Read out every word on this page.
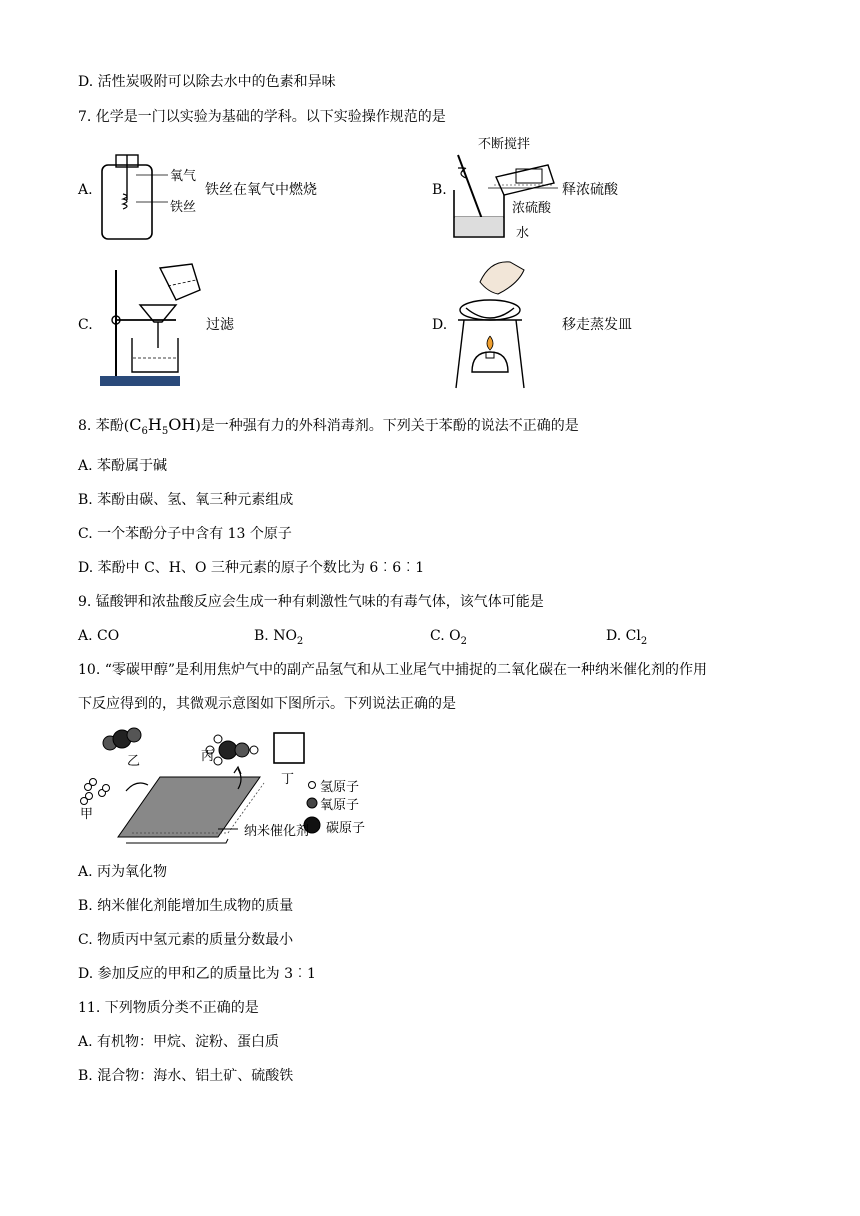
D. 活性炭吸附可以除去水中的色素和异味
7. 化学是一门以实验为基础的学科。以下实验操作规范的是
A.
氧气
铁丝
铁丝在氧气中燃烧	B.
不断搅拌
浓硫酸
水
释浓硫酸
C.	过滤	D.	移走蒸发皿
8. 苯酚$(C_6H_5OH)$是一种强有力的外科消毒剂。下列关于苯酚的说法不正确的是
A. 苯酚属于碱
B. 苯酚由碳、氢、氧三种元素组成
C. 一个苯酚分子中含有 13 个原子
D. 苯酚中 C、H、O 三种元素的原子个数比为 6︰6︰1
9. 锰酸钾和浓盐酸反应会生成一种有刺激性气味的有毒气体，该气体可能是
A. CO	B. $NO_2$	C. $O_2$	D. $Cl_2$
10. “零碳甲醇”是利用焦炉气中的副产品氢气和从工业尾气中捕捉的二氧化碳在一种纳米催化剂的作用
下反应得到的，其微观示意图如下图所示。下列说法正确的是
乙	丙
丁
甲
纳米催化剂
氢原子
氧原子
碳原子
A. 丙为氧化物
B. 纳米催化剂能增加生成物的质量
C. 物质丙中氢元素的质量分数最小
D. 参加反应的甲和乙的质量比为 3︰1
11. 下列物质分类不正确的是
A. 有机物：甲烷、淀粉、蛋白质
B. 混合物：海水、铝土矿、硫酸铁
